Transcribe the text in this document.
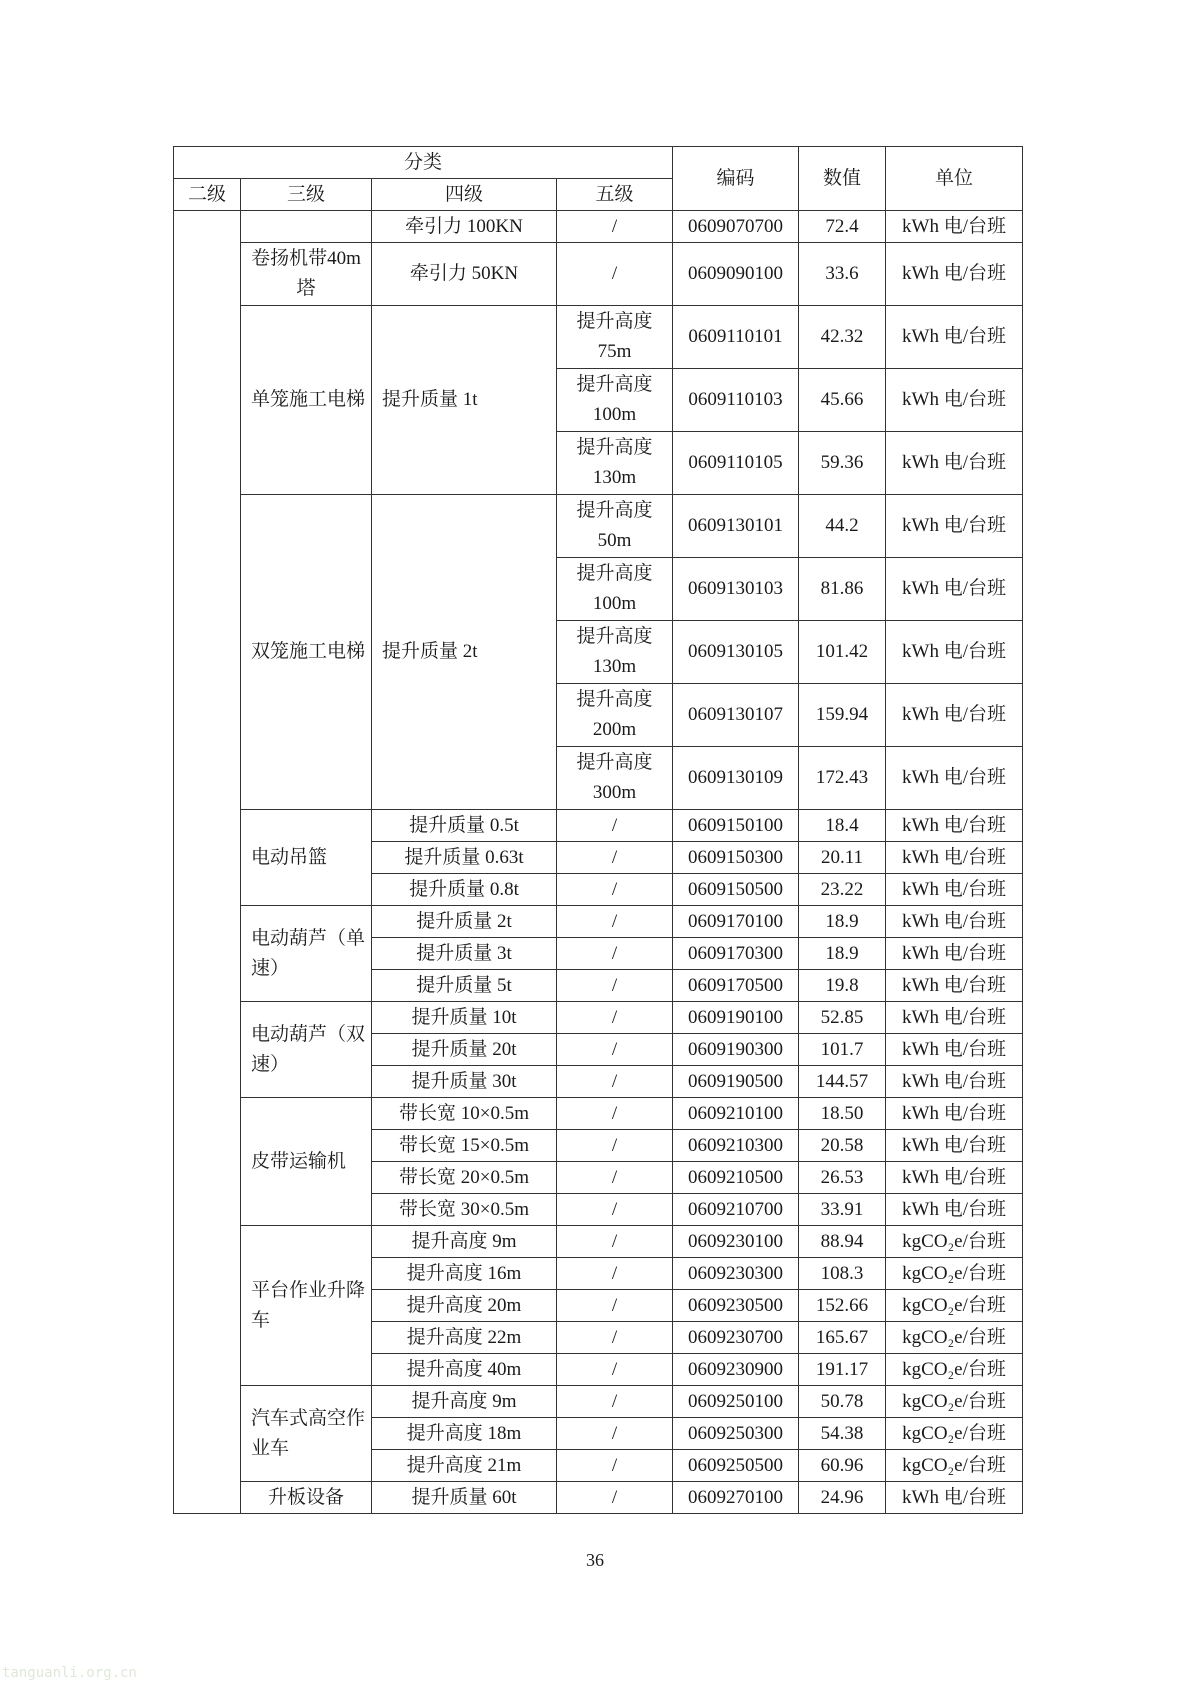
分类				编码	数值	单位
二级	三级	四级	五级			
		牵引力 100KN	/	0609070700	72.4	kWh 电/台班
	卷扬机带40m 塔	牵引力 50KN	/	0609090100	33.6	kWh 电/台班
	单笼施工电梯	提升质量 1t	提升高度75m	0609110101	42.32	kWh 电/台班
			提升高度100m	0609110103	45.66	kWh 电/台班
			提升高度130m	0609110105	59.36	kWh 电/台班
	双笼施工电梯	提升质量 2t	提升高度50m	0609130101	44.2	kWh 电/台班
			提升高度100m	0609130103	81.86	kWh 电/台班
			提升高度130m	0609130105	101.42	kWh 电/台班
			提升高度200m	0609130107	159.94	kWh 电/台班
			提升高度300m	0609130109	172.43	kWh 电/台班
	电动吊篮	提升质量 0.5t	/	0609150100	18.4	kWh 电/台班
		提升质量 0.63t	/	0609150300	20.11	kWh 电/台班
		提升质量 0.8t	/	0609150500	23.22	kWh 电/台班
	电动葫芦（单速）	提升质量 2t	/	0609170100	18.9	kWh 电/台班
		提升质量 3t	/	0609170300	18.9	kWh 电/台班
		提升质量 5t	/	0609170500	19.8	kWh 电/台班
	电动葫芦（双速）	提升质量 10t	/	0609190100	52.85	kWh 电/台班
		提升质量 20t	/	0609190300	101.7	kWh 电/台班
		提升质量 30t	/	0609190500	144.57	kWh 电/台班
	皮带运输机	带长宽 10×0.5m	/	0609210100	18.50	kWh 电/台班
		带长宽 15×0.5m	/	0609210300	20.58	kWh 电/台班
		带长宽 20×0.5m	/	0609210500	26.53	kWh 电/台班
		带长宽 30×0.5m	/	0609210700	33.91	kWh 电/台班
	平台作业升降车	提升高度 9m	/	0609230100	88.94	kgCO₂e/台班
		提升高度 16m	/	0609230300	108.3	kgCO₂e/台班
		提升高度 20m	/	0609230500	152.66	kgCO₂e/台班
		提升高度 22m	/	0609230700	165.67	kgCO₂e/台班
		提升高度 40m	/	0609230900	191.17	kgCO₂e/台班
	汽车式高空作业车	提升高度 9m	/	0609250100	50.78	kgCO₂e/台班
		提升高度 18m	/	0609250300	54.38	kgCO₂e/台班
		提升高度 21m	/	0609250500	60.96	kgCO₂e/台班
	升板设备	提升质量 60t	/	0609270100	24.96	kWh 电/台班
36
tanguanli.org.cn
